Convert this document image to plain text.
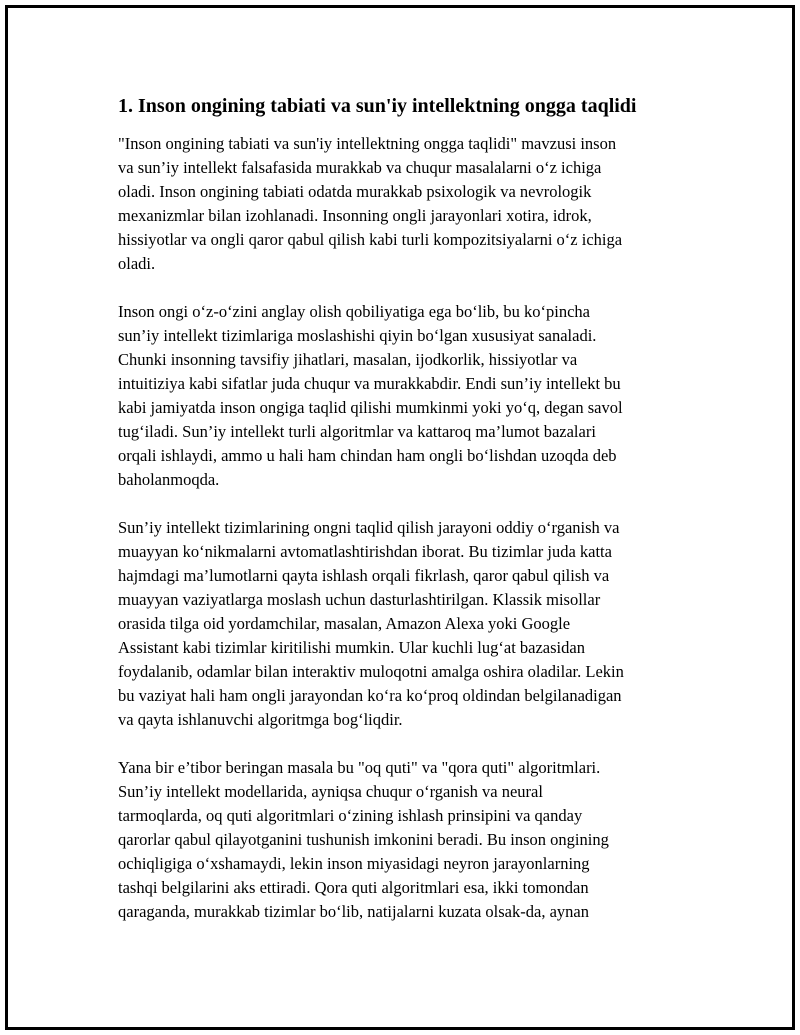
1. Inson ongining tabiati va sun'iy intellektning ongga taqlidi

"Inson ongining tabiati va sun'iy intellektning ongga taqlidi" mavzusi inson
va sun’iy intellekt falsafasida murakkab va chuqur masalalarni o‘z ichiga
oladi. Inson ongining tabiati odatda murakkab psixologik va nevrologik
mexanizmlar bilan izohlanadi. Insonning ongli jarayonlari xotira, idrok,
hissiyotlar va ongli qaror qabul qilish kabi turli kompozitsiyalarni o‘z ichiga
oladi.

Inson ongi o‘z-o‘zini anglay olish qobiliyatiga ega bo‘lib, bu ko‘pincha
sun’iy intellekt tizimlariga moslashishi qiyin bo‘lgan xususiyat sanaladi.
Chunki insonning tavsifiy jihatlari, masalan, ijodkorlik, hissiyotlar va
intuitiziya kabi sifatlar juda chuqur va murakkabdir. Endi sun’iy intellekt bu
kabi jamiyatda inson ongiga taqlid qilishi mumkinmi yoki yo‘q, degan savol
tug‘iladi. Sun’iy intellekt turli algoritmlar va kattaroq ma’lumot bazalari
orqali ishlaydi, ammo u hali ham chindan ham ongli bo‘lishdan uzoqda deb
baholanmoqda.

Sun’iy intellekt tizimlarining ongni taqlid qilish jarayoni oddiy o‘rganish va
muayyan ko‘nikmalarni avtomatlashtirishdan iborat. Bu tizimlar juda katta
hajmdagi ma’lumotlarni qayta ishlash orqali fikrlash, qaror qabul qilish va
muayyan vaziyatlarga moslash uchun dasturlashtirilgan. Klassik misollar
orasida tilga oid yordamchilar, masalan, Amazon Alexa yoki Google
Assistant kabi tizimlar kiritilishi mumkin. Ular kuchli lug‘at bazasidan
foydalanib, odamlar bilan interaktiv muloqotni amalga oshira oladilar. Lekin
bu vaziyat hali ham ongli jarayondan ko‘ra ko‘proq oldindan belgilanadigan
va qayta ishlanuvchi algoritmga bog‘liqdir.

Yana bir e’tibor beringan masala bu "oq quti" va "qora quti" algoritmlari.
Sun’iy intellekt modellarida, ayniqsa chuqur o‘rganish va neural
tarmoqlarda, oq quti algoritmlari o‘zining ishlash prinsipini va qanday
qarorlar qabul qilayotganini tushunish imkonini beradi. Bu inson ongining
ochiqligiga o‘xshamaydi, lekin inson miyasidagi neyron jarayonlarning
tashqi belgilarini aks ettiradi. Qora quti algoritmlari esa, ikki tomondan
qaraganda, murakkab tizimlar bo‘lib, natijalarni kuzata olsak-da, aynan
